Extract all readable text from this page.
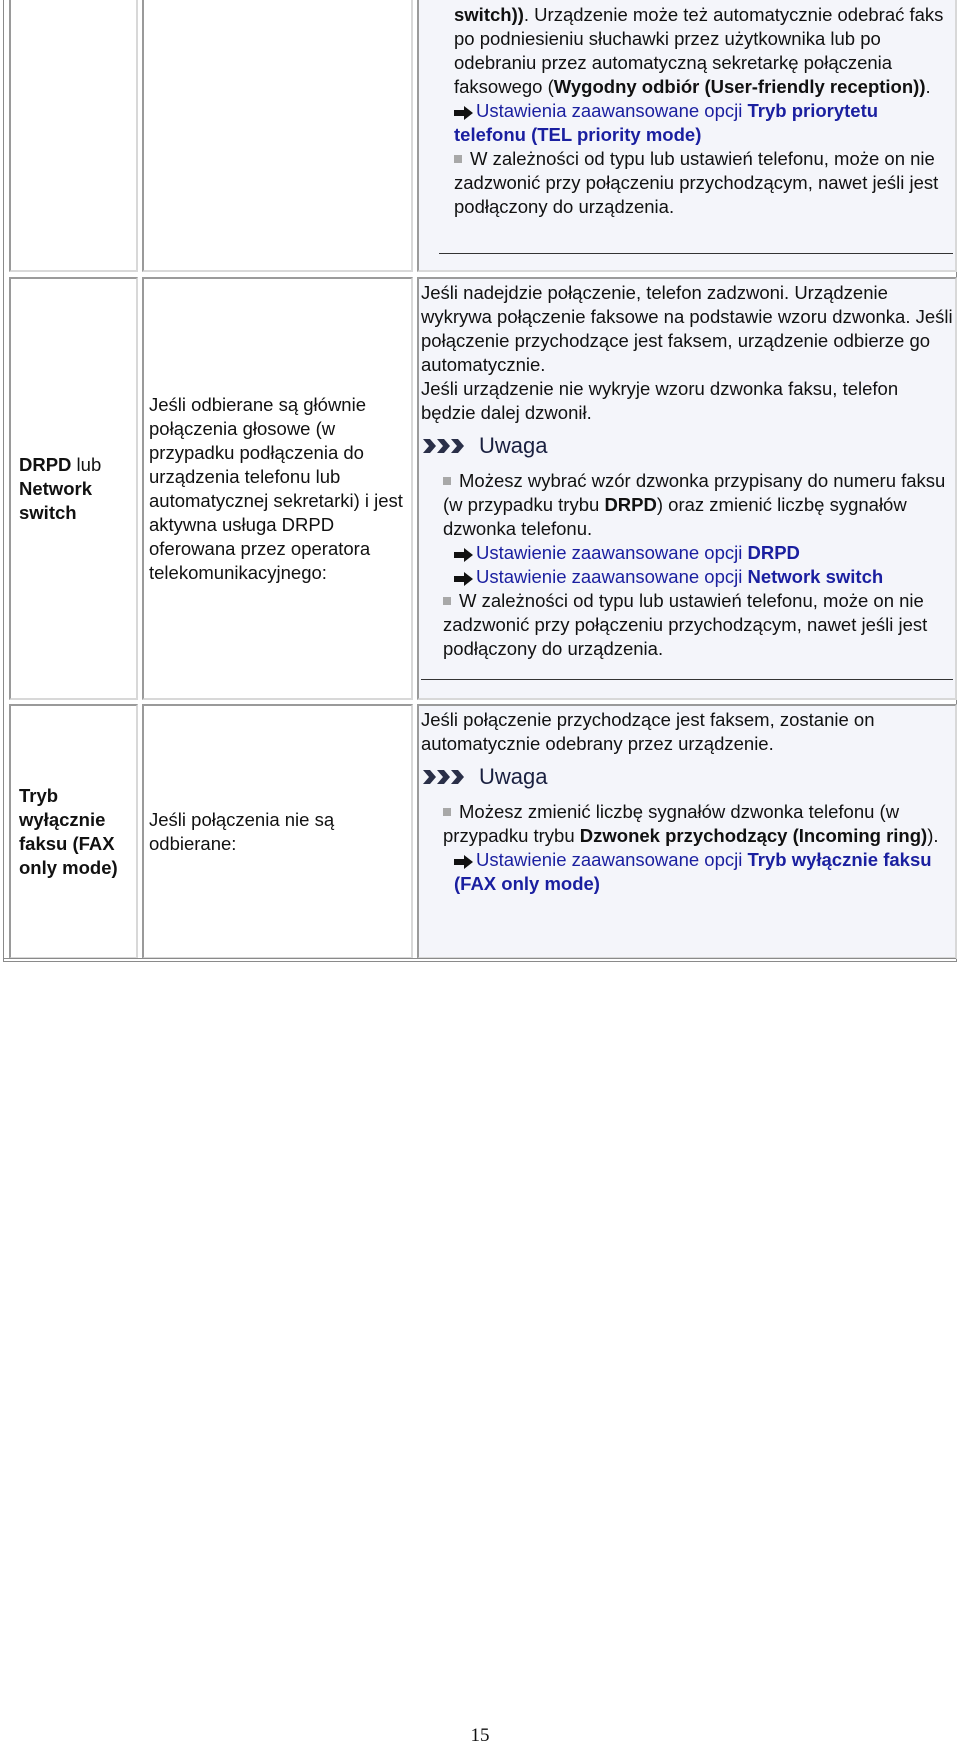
switch)). Urządzenie może też automatycznie odebrać faks po podniesieniu słuchawki przez użytkownika lub po odebraniu przez automatyczną sekretarkę połączenia faksowego (Wygodny odbiór (User-friendly reception)).
Ustawienia zaawansowane opcji Tryb priorytetu telefonu (TEL priority mode)
W zależności od typu lub ustawień telefonu, może on nie zadzwonić przy połączeniu przychodzącym, nawet jeśli jest podłączony do urządzenia.
DRPD lub Network switch
Jeśli odbierane są głównie połączenia głosowe (w przypadku podłączenia do urządzenia telefonu lub automatycznej sekretarki) i jest aktywna usługa DRPD oferowana przez operatora telekomunikacyjnego:
Jeśli nadejdzie połączenie, telefon zadzwoni. Urządzenie wykrywa połączenie faksowe na podstawie wzoru dzwonka. Jeśli połączenie przychodzące jest faksem, urządzenie odbierze go automatycznie.
Jeśli urządzenie nie wykryje wzoru dzwonka faksu, telefon będzie dalej dzwonił.
Uwaga
Możesz wybrać wzór dzwonka przypisany do numeru faksu (w przypadku trybu DRPD) oraz zmienić liczbę sygnałów dzwonka telefonu.
Ustawienie zaawansowane opcji DRPD
Ustawienie zaawansowane opcji Network switch
W zależności od typu lub ustawień telefonu, może on nie zadzwonić przy połączeniu przychodzącym, nawet jeśli jest podłączony do urządzenia.
Tryb wyłącznie faksu (FAX only mode)
Jeśli połączenia nie są odbierane:
Jeśli połączenie przychodzące jest faksem, zostanie on automatycznie odebrany przez urządzenie.
Uwaga
Możesz zmienić liczbę sygnałów dzwonka telefonu (w przypadku trybu Dzwonek przychodzący (Incoming ring)).
Ustawienie zaawansowane opcji Tryb wyłącznie faksu (FAX only mode)
15
